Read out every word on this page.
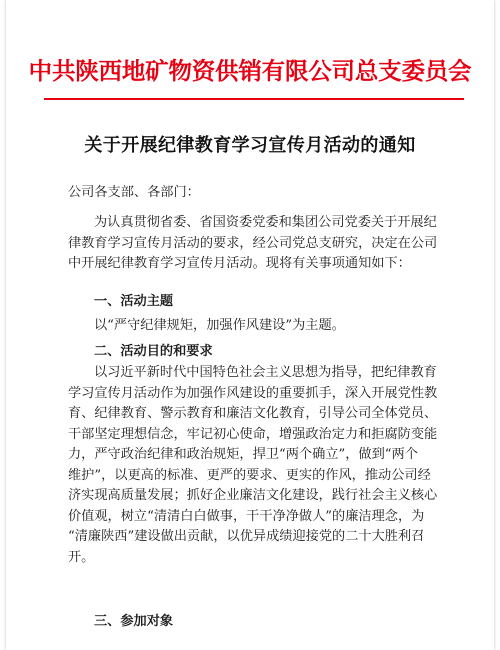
中共陕西地矿物资供销有限公司总支委员会
关于开展纪律教育学习宣传月活动的通知
公司各支部、各部门：
为认真贯彻省委、省国资委党委和集团公司党委关于开展纪
律教育学习宣传月活动的要求，经公司党总支研究，决定在公司
中开展纪律教育学习宣传月活动。现将有关事项通知如下：
一、活动主题
以“严守纪律规矩，加强作风建设”为主题。
二、活动目的和要求
以习近平新时代中国特色社会主义思想为指导，把纪律教育
学习宣传月活动作为加强作风建设的重要抓手，深入开展党性教
育、纪律教育、警示教育和廉洁文化教育，引导公司全体党员、
干部坚定理想信念，牢记初心使命，增强政治定力和拒腐防变能
力，严守政治纪律和政治规矩，捍卫“两个确立”，做到“两个
维护”，以更高的标准、更严的要求、更实的作风，推动公司经
济实现高质量发展；抓好企业廉洁文化建设，践行社会主义核心
价值观，树立“清清白白做事，干干净净做人”的廉洁理念，为
“清廉陕西”建设做出贡献，以优异成绩迎接党的二十大胜利召
开。
三、参加对象
